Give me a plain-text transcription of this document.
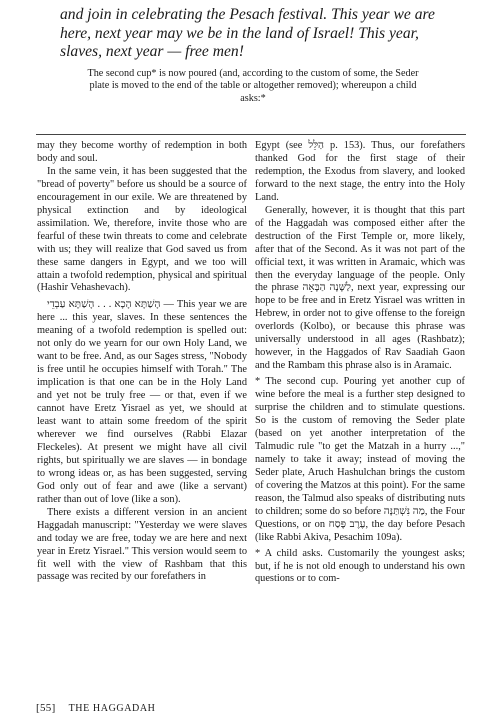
and join in celebrating the Pesach festival. This year we are here, next year may we be in the land of Israel! This year, slaves, next year — free men!
The second cup* is now poured (and, according to the custom of some, the Seder plate is moved to the end of the table or altogether removed); whereupon a child asks:*

may they become worthy of redemption in both body and soul.

In the same vein, it has been suggested that the "bread of poverty" before us should be a source of encouragement in our exile. We are threatened by physical extinction and by ideological assimilation. We, therefore, invite those who are fearful of these twin threats to come and celebrate with us; they will realize that God saved us from these same dangers in Egypt, and we too will attain a twofold redemption, physical and spiritual (Hashir Vehashevach).

הָשַׁתָּא הָכָא . . . הָשַׁתָּא עַבְדֵי — This year we are here ... this year, slaves. In these sentences the meaning of a twofold redemption is spelled out: not only do we yearn for our own Holy Land, we want to be free. And, as our Sages stress, "Nobody is free until he occupies himself with Torah." The implication is that one can be in the Holy Land and yet not be truly free — or that, even if we cannot have Eretz Yisrael as yet, we should at least want to attain some freedom of the spirit wherever we find ourselves (Rabbi Elazar Fleckeles). At present we might have all civil rights, but spiritually we are slaves — in bondage to wrong ideas or, as has been suggested, serving God only out of fear and awe (like a servant) rather than out of love (like a son).

There exists a different version in an ancient Haggadah manuscript: "Yesterday we were slaves and today we are free, today we are here and next year in Eretz Yisrael." This version would seem to fit well with the view of Rashbam that this passage was recited by our forefathers in

Egypt (see הַלֵּל p. 153). Thus, our forefathers thanked God for the first stage of their redemption, the Exodus from slavery, and looked forward to the next stage, the entry into the Holy Land.

Generally, however, it is thought that this part of the Haggadah was composed either after the destruction of the First Temple or, more likely, after that of the Second. As it was not part of the official text, it was written in Aramaic, which was then the everyday language of the people. Only the phrase לַשָּׁנָה הַבָּאָה, next year, expressing our hope to be free and in Eretz Yisrael was written in Hebrew, in order not to give offense to the foreign overlords (Kolbo), or because this phrase was universally understood in all ages (Rashbatz); however, in the Haggados of Rav Saadiah Gaon and the Rambam this phrase also is in Aramaic.

* The second cup. Pouring yet another cup of wine before the meal is a further step designed to surprise the children and to stimulate questions. So is the custom of removing the Seder plate (based on yet another interpretation of the Talmudic rule "to get the Matzah in a hurry ...," namely to take it away; instead of moving the Seder plate, Aruch Hashulchan brings the custom of covering the Matzos at this point). For the same reason, the Talmud also speaks of distributing nuts to children; some do so before מַה נִּשְׁתַּנָּה, the Four Questions, or on עֶרֶב פֶּסַח, the day before Pesach (like Rabbi Akiva, Pesachim 109a).

* A child asks. Customarily the youngest asks; but, if he is not old enough to understand his own questions or to com-

[55] THE HAGGADAH
